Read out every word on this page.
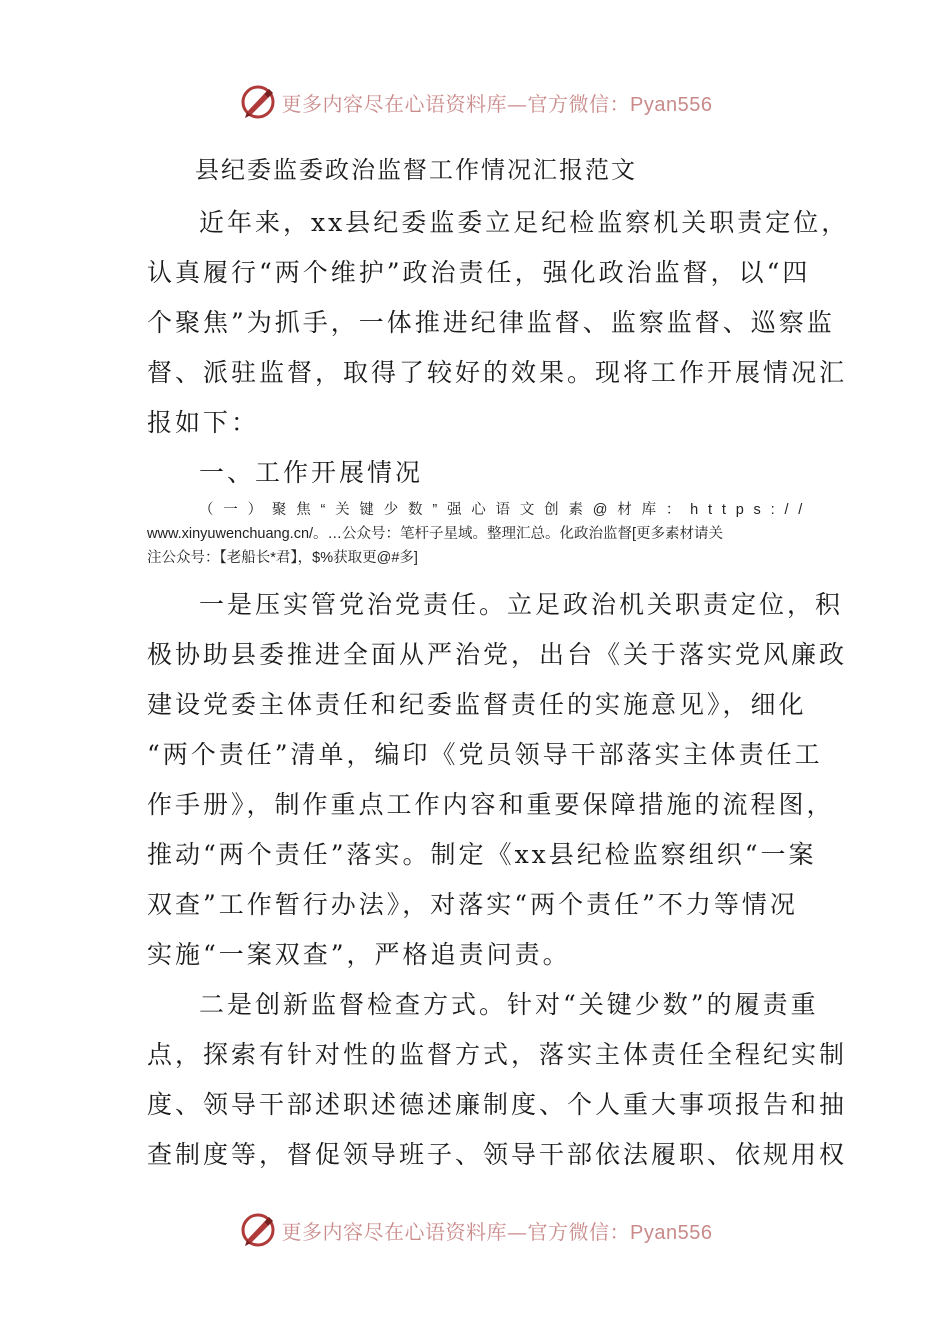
更多内容尽在心语资料库—官方微信：Pyan556
县纪委监委政治监督工作情况汇报范文
近年来，xx县纪委监委立足纪检监察机关职责定位，
认真履行“两个维护”政治责任，强化政治监督，以“四
个聚焦”为抓手，一体推进纪律监督、监察监督、巡察监
督、派驻监督，取得了较好的效果。现将工作开展情况汇
报如下：
一、工作开展情况
（一）聚焦“关键少数”强心语文创素@材库：https://
www.xinyuwenchuang.cn/。…公众号：笔杆子星域。整理汇总。化政治监督[更多素材请关
注公众号：【老船长*君】，$%获取更@#多]
一是压实管党治党责任。立足政治机关职责定位，积
极协助县委推进全面从严治党，出台《关于落实党风廉政
建设党委主体责任和纪委监督责任的实施意见》，细化
“两个责任”清单，编印《党员领导干部落实主体责任工
作手册》，制作重点工作内容和重要保障措施的流程图，
推动“两个责任”落实。制定《xx县纪检监察组织“一案
双查”工作暂行办法》，对落实“两个责任”不力等情况
实施“一案双查”，严格追责问责。
二是创新监督检查方式。针对“关键少数”的履责重
点，探索有针对性的监督方式，落实主体责任全程纪实制
度、领导干部述职述德述廉制度、个人重大事项报告和抽
查制度等，督促领导班子、领导干部依法履职、依规用权
更多内容尽在心语资料库—官方微信：Pyan556
